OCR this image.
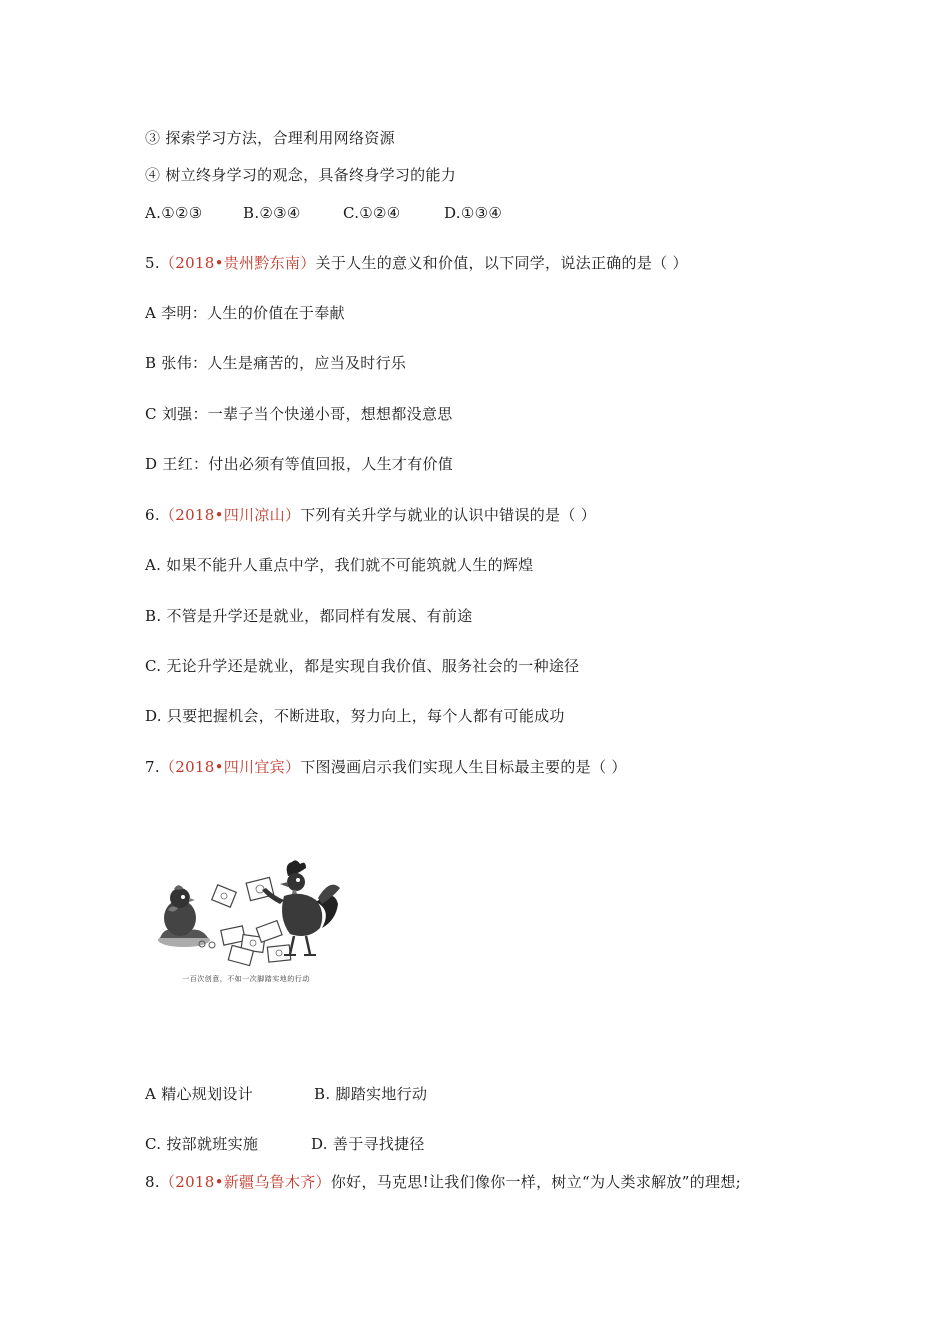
③ 探索学习方法，合理利用网络资源
④ 树立终身学习的观念，具备终身学习的能力
A.①②③	B.②③④	C.①②④	D.①③④
5.（2018•贵州黔东南）关于人生的意义和价值，以下同学，说法正确的是（ ）
A 李明：人生的价值在于奉献
B 张伟：人生是痛苦的，应当及时行乐
C 刘强：一辈子当个快递小哥，想想都没意思
D 王红：付出必须有等值回报，人生才有价值
6.（2018•四川凉山）下列有关升学与就业的认识中错误的是（ ）
A. 如果不能升人重点中学，我们就不可能筑就人生的辉煌
B. 不管是升学还是就业，都同样有发展、有前途
C. 无论升学还是就业，都是实现自我价值、服务社会的一种途径
D. 只要把握机会，不断进取，努力向上，每个人都有可能成功
7.（2018•四川宜宾）下图漫画启示我们实现人生目标最主要的是（ ）
一百次创意，不如一次脚踏实地的行动
A 精心规划设计	B. 脚踏实地行动
C. 按部就班实施	D. 善于寻找捷径
8.（2018•新疆乌鲁木齐）你好，马克思!让我们像你一样，树立“为人类求解放”的理想;
